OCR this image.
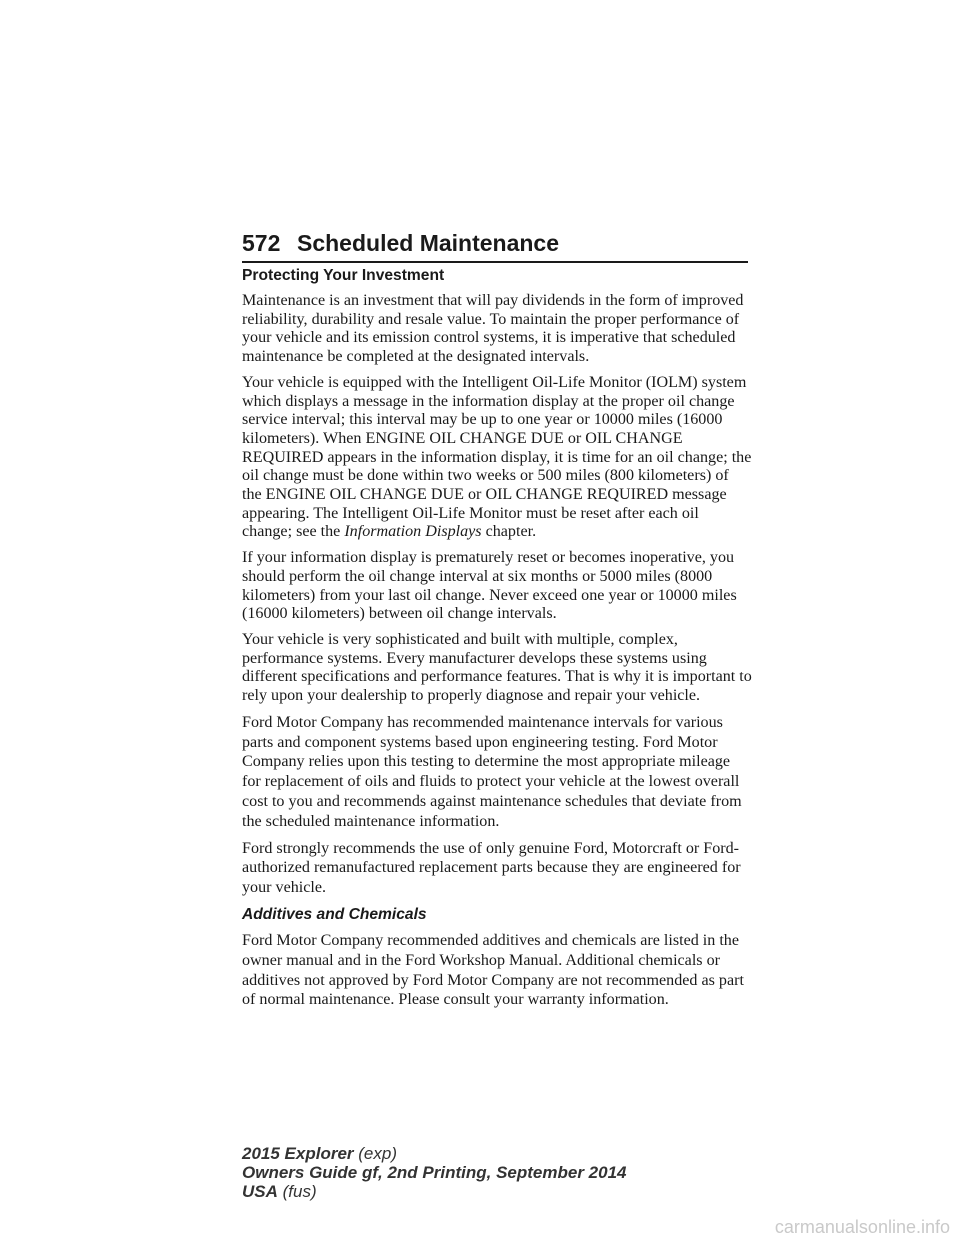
572 Scheduled Maintenance
Protecting Your Investment

Maintenance is an investment that will pay dividends in the form of improved reliability, durability and resale value. To maintain the proper performance of your vehicle and its emission control systems, it is imperative that scheduled maintenance be completed at the designated intervals.

Your vehicle is equipped with the Intelligent Oil-Life Monitor (IOLM) system which displays a message in the information display at the proper oil change service interval; this interval may be up to one year or 10000 miles (16000 kilometers). When ENGINE OIL CHANGE DUE or OIL CHANGE REQUIRED appears in the information display, it is time for an oil change; the oil change must be done within two weeks or 500 miles (800 kilometers) of the ENGINE OIL CHANGE DUE or OIL CHANGE REQUIRED message appearing. The Intelligent Oil-Life Monitor must be reset after each oil change; see the Information Displays chapter.

If your information display is prematurely reset or becomes inoperative, you should perform the oil change interval at six months or 5000 miles (8000 kilometers) from your last oil change. Never exceed one year or 10000 miles (16000 kilometers) between oil change intervals.

Your vehicle is very sophisticated and built with multiple, complex, performance systems. Every manufacturer develops these systems using different specifications and performance features. That is why it is important to rely upon your dealership to properly diagnose and repair your vehicle.

Ford Motor Company has recommended maintenance intervals for various parts and component systems based upon engineering testing. Ford Motor Company relies upon this testing to determine the most appropriate mileage for replacement of oils and fluids to protect your vehicle at the lowest overall cost to you and recommends against maintenance schedules that deviate from the scheduled maintenance information.

Ford strongly recommends the use of only genuine Ford, Motorcraft or Ford-authorized remanufactured replacement parts because they are engineered for your vehicle.

Additives and Chemicals

Ford Motor Company recommended additives and chemicals are listed in the owner manual and in the Ford Workshop Manual. Additional chemicals or additives not approved by Ford Motor Company are not recommended as part of normal maintenance. Please consult your warranty information.

2015 Explorer (exp)
Owners Guide gf, 2nd Printing, September 2014
USA (fus)
carmanualsonline.info
